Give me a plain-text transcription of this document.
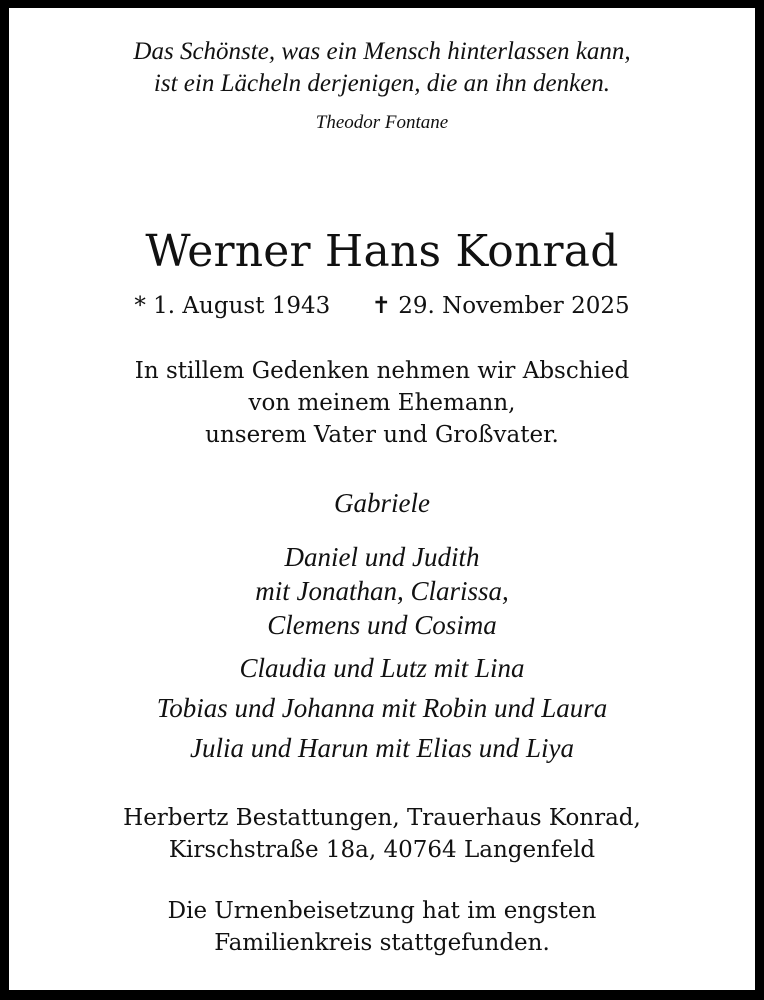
Das Schönste, was ein Mensch hinterlassen kann,
ist ein Lächeln derjenigen, die an ihn denken.
Theodor Fontane
Werner Hans Konrad
* 1. August 1943 ✝ 29. November 2025
In stillem Gedenken nehmen wir Abschied
von meinem Ehemann,
unserem Vater und Großvater.
Gabriele
Daniel und Judith
mit Jonathan, Clarissa,
Clemens und Cosima
Claudia und Lutz mit Lina
Tobias und Johanna mit Robin und Laura
Julia und Harun mit Elias und Liya
Herbertz Bestattungen, Trauerhaus Konrad,
Kirschstraße 18a, 40764 Langenfeld
Die Urnenbeisetzung hat im engsten
Familienkreis stattgefunden.
